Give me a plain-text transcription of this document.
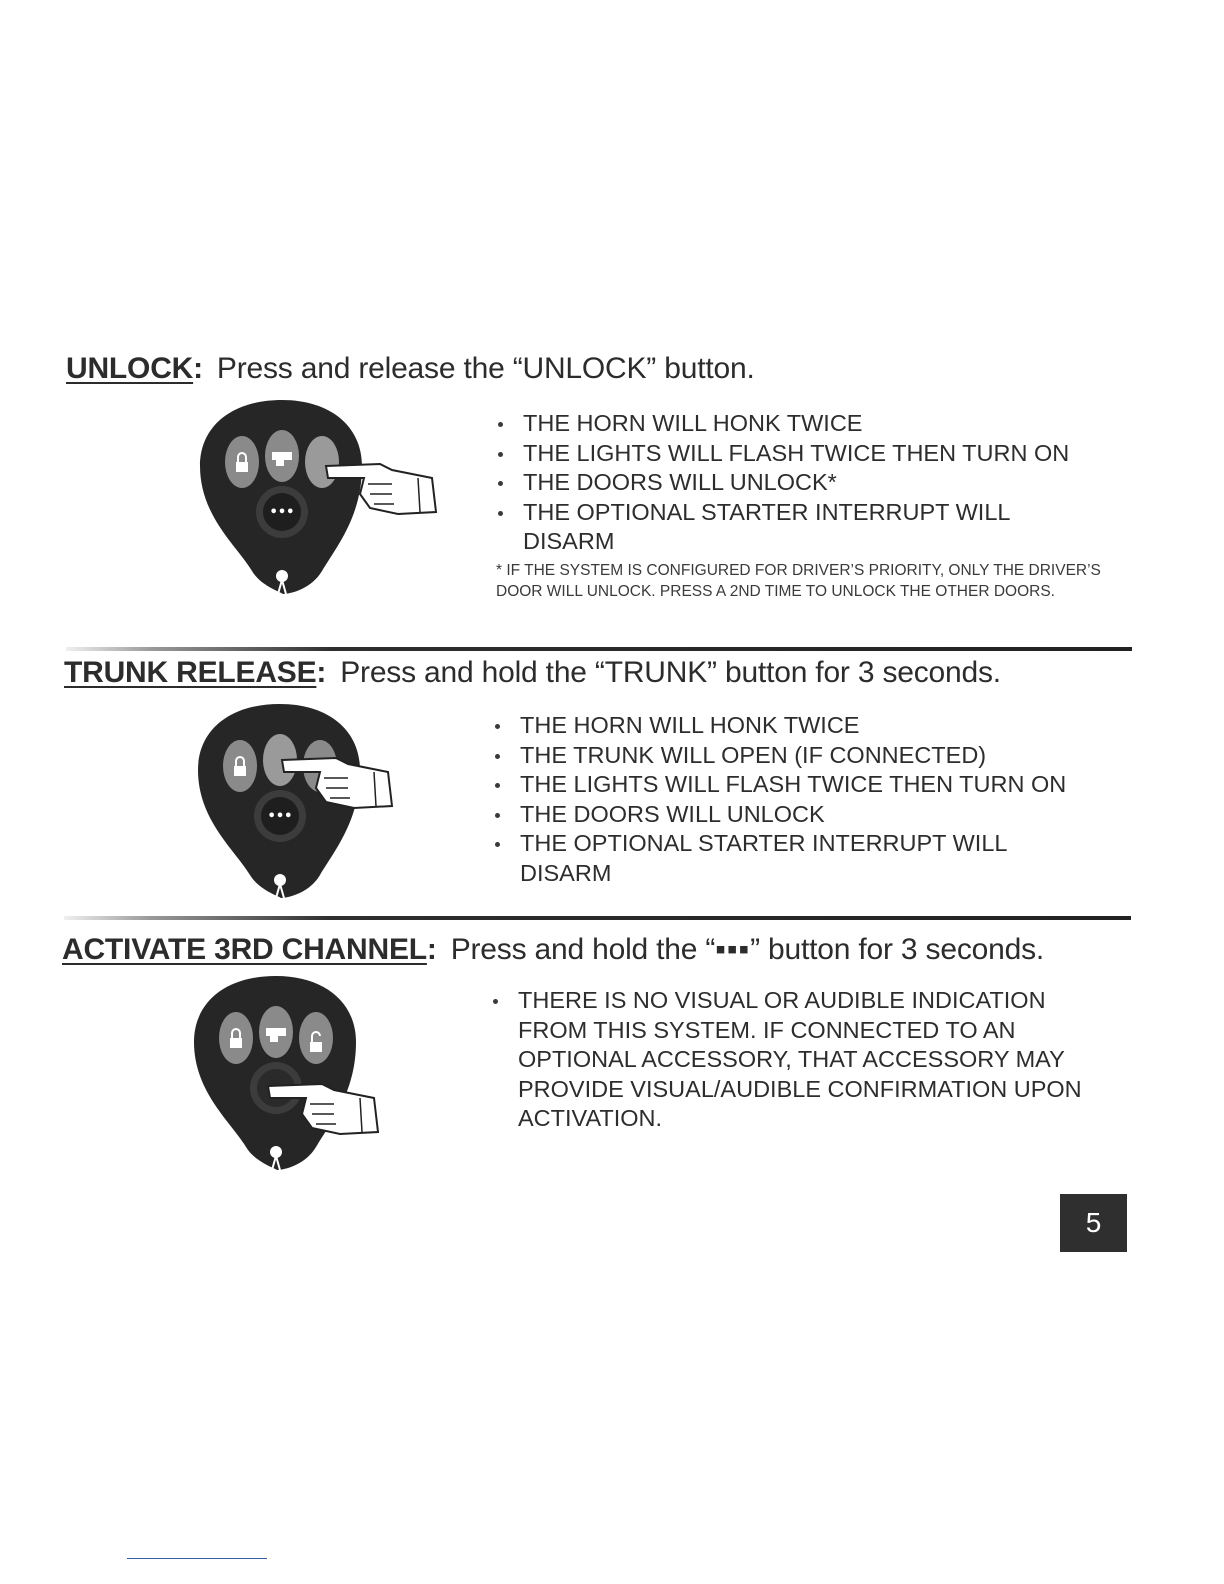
UNLOCK: Press and release the “UNLOCK” button.
•••
THE HORN WILL HONK TWICE
THE LIGHTS WILL FLASH TWICE THEN TURN ON
THE DOORS WILL UNLOCK*
THE OPTIONAL STARTER INTERRUPT WILL DISARM
* IF THE SYSTEM IS CONFIGURED FOR DRIVER’S PRIORITY, ONLY THE DRIVER’S DOOR WILL UNLOCK. PRESS A 2ND TIME TO UNLOCK THE OTHER DOORS.
TRUNK RELEASE: Press and hold the “TRUNK” button for 3 seconds.
•••
THE HORN WILL HONK TWICE
THE TRUNK WILL OPEN (IF CONNECTED)
THE LIGHTS WILL FLASH TWICE THEN TURN ON
THE DOORS WILL UNLOCK
THE OPTIONAL STARTER INTERRUPT WILL DISARM
ACTIVATE 3RD CHANNEL: Press and hold the “▪▪▪” button for 3 seconds.
THERE IS NO VISUAL OR AUDIBLE INDICATION FROM THIS SYSTEM. IF CONNECTED TO AN OPTIONAL ACCESSORY, THAT ACCESSORY MAY PROVIDE VISUAL/AUDIBLE CONFIRMATION UPON ACTIVATION.
5
